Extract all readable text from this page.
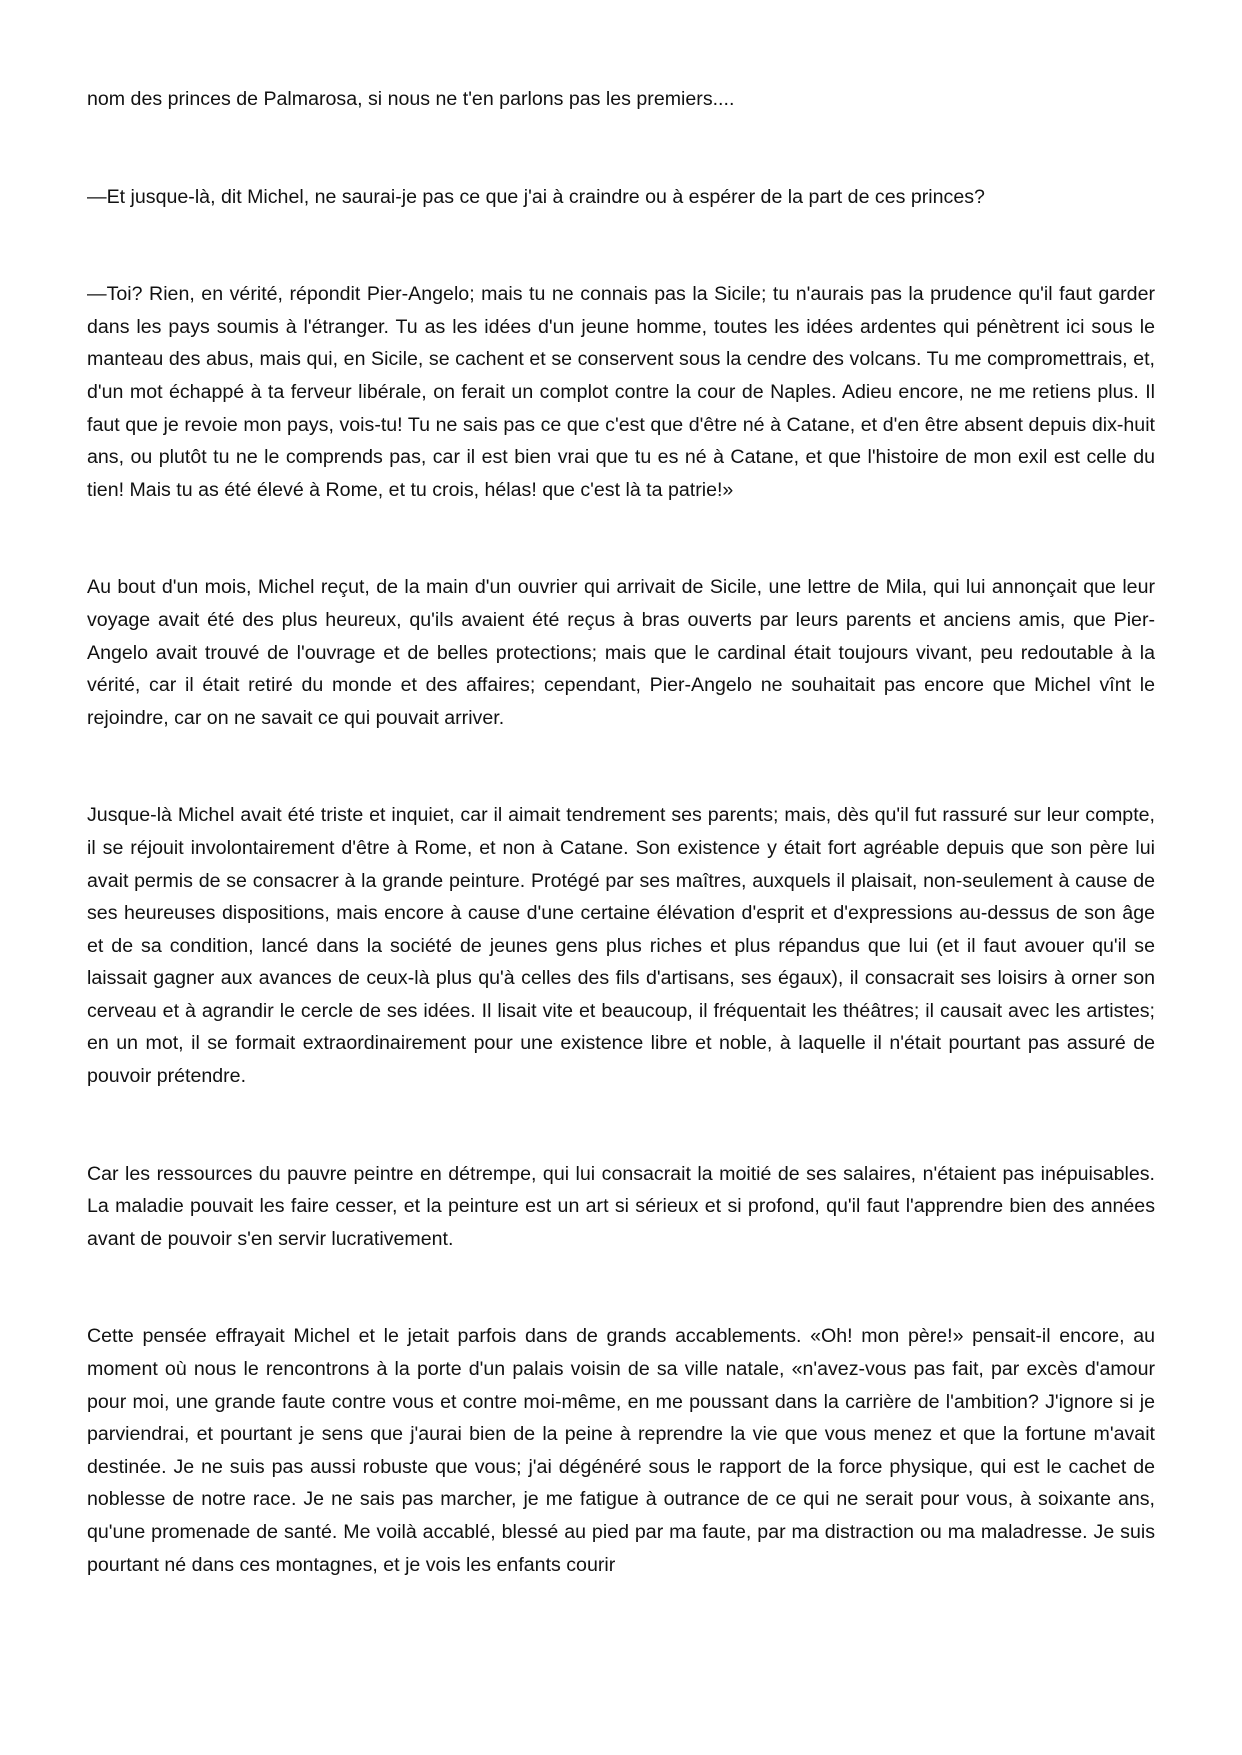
nom des princes de Palmarosa, si nous ne t'en parlons pas les premiers....

—Et jusque-là, dit Michel, ne saurai-je pas ce que j'ai à craindre ou à espérer de la part de ces princes?

—Toi? Rien, en vérité, répondit Pier-Angelo; mais tu ne connais pas la Sicile; tu n'aurais pas la prudence qu'il faut garder dans les pays soumis à l'étranger. Tu as les idées d'un jeune homme, toutes les idées ardentes qui pénètrent ici sous le manteau des abus, mais qui, en Sicile, se cachent et se conservent sous la cendre des volcans. Tu me compromettrais, et, d'un mot échappé à ta ferveur libérale, on ferait un complot contre la cour de Naples. Adieu encore, ne me retiens plus. Il faut que je revoie mon pays, vois-tu! Tu ne sais pas ce que c'est que d'être né à Catane, et d'en être absent depuis dix-huit ans, ou plutôt tu ne le comprends pas, car il est bien vrai que tu es né à Catane, et que l'histoire de mon exil est celle du tien! Mais tu as été élevé à Rome, et tu crois, hélas! que c'est là ta patrie!»

Au bout d'un mois, Michel reçut, de la main d'un ouvrier qui arrivait de Sicile, une lettre de Mila, qui lui annonçait que leur voyage avait été des plus heureux, qu'ils avaient été reçus à bras ouverts par leurs parents et anciens amis, que Pier-Angelo avait trouvé de l'ouvrage et de belles protections; mais que le cardinal était toujours vivant, peu redoutable à la vérité, car il était retiré du monde et des affaires; cependant, Pier-Angelo ne souhaitait pas encore que Michel vînt le rejoindre, car on ne savait ce qui pouvait arriver.

Jusque-là Michel avait été triste et inquiet, car il aimait tendrement ses parents; mais, dès qu'il fut rassuré sur leur compte, il se réjouit involontairement d'être à Rome, et non à Catane. Son existence y était fort agréable depuis que son père lui avait permis de se consacrer à la grande peinture. Protégé par ses maîtres, auxquels il plaisait, non-seulement à cause de ses heureuses dispositions, mais encore à cause d'une certaine élévation d'esprit et d'expressions au-dessus de son âge et de sa condition, lancé dans la société de jeunes gens plus riches et plus répandus que lui (et il faut avouer qu'il se laissait gagner aux avances de ceux-là plus qu'à celles des fils d'artisans, ses égaux), il consacrait ses loisirs à orner son cerveau et à agrandir le cercle de ses idées. Il lisait vite et beaucoup, il fréquentait les théâtres; il causait avec les artistes; en un mot, il se formait extraordinairement pour une existence libre et noble, à laquelle il n'était pourtant pas assuré de pouvoir prétendre.

Car les ressources du pauvre peintre en détrempe, qui lui consacrait la moitié de ses salaires, n'étaient pas inépuisables. La maladie pouvait les faire cesser, et la peinture est un art si sérieux et si profond, qu'il faut l'apprendre bien des années avant de pouvoir s'en servir lucrativement.

Cette pensée effrayait Michel et le jetait parfois dans de grands accablements. «Oh! mon père!» pensait-il encore, au moment où nous le rencontrons à la porte d'un palais voisin de sa ville natale, «n'avez-vous pas fait, par excès d'amour pour moi, une grande faute contre vous et contre moi-même, en me poussant dans la carrière de l'ambition? J'ignore si je parviendrai, et pourtant je sens que j'aurai bien de la peine à reprendre la vie que vous menez et que la fortune m'avait destinée. Je ne suis pas aussi robuste que vous; j'ai dégénéré sous le rapport de la force physique, qui est le cachet de noblesse de notre race. Je ne sais pas marcher, je me fatigue à outrance de ce qui ne serait pour vous, à soixante ans, qu'une promenade de santé. Me voilà accablé, blessé au pied par ma faute, par ma distraction ou ma maladresse. Je suis pourtant né dans ces montagnes, et je vois les enfants courir
